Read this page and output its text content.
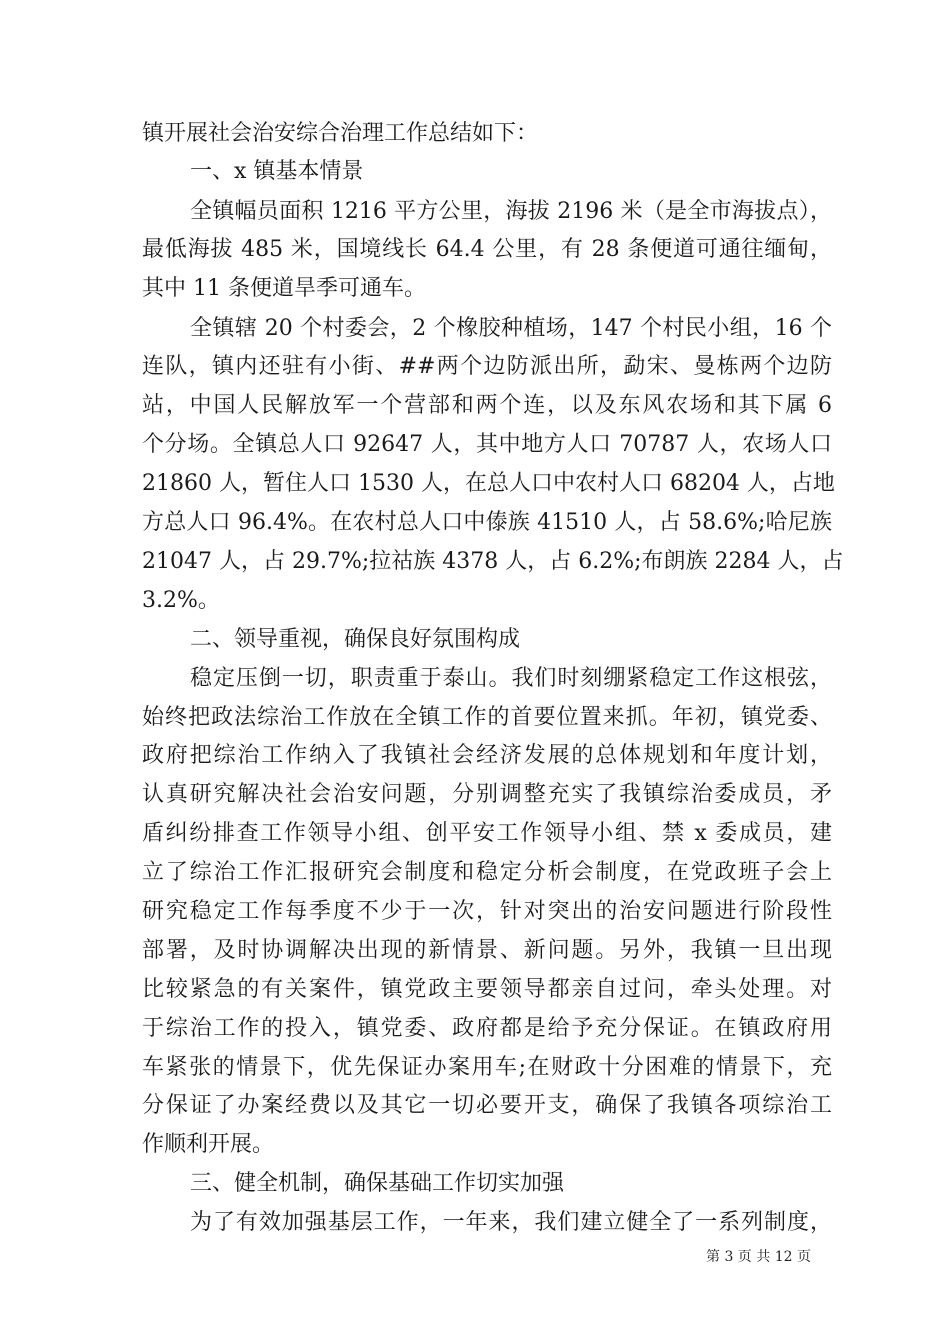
镇开展社会治安综合治理工作总结如下：
一、x 镇基本情景
全镇幅员面积 1216 平方公里，海拔 2196 米（是全市海拔点），
最低海拔 485 米，国境线长 64.4 公里，有 28 条便道可通往缅甸，
其中 11 条便道旱季可通车。
全镇辖 20 个村委会，2 个橡胶种植场，147 个村民小组，16 个
连队，镇内还驻有小街、##两个边防派出所，勐宋、曼栋两个边防
站，中国人民解放军一个营部和两个连，以及东风农场和其下属 6
个分场。全镇总人口 92647 人，其中地方人口 70787 人，农场人口
21860 人，暂住人口 1530 人，在总人口中农村人口 68204 人，占地
方总人口 96.4%。在农村总人口中傣族 41510 人，占 58.6%;哈尼族
21047 人，占 29.7%;拉祜族 4378 人，占 6.2%;布朗族 2284 人，占
3.2%。
二、领导重视，确保良好氛围构成
稳定压倒一切，职责重于泰山。我们时刻绷紧稳定工作这根弦，
始终把政法综治工作放在全镇工作的首要位置来抓。年初，镇党委、
政府把综治工作纳入了我镇社会经济发展的总体规划和年度计划，
认真研究解决社会治安问题，分别调整充实了我镇综治委成员，矛
盾纠纷排查工作领导小组、创平安工作领导小组、禁 x 委成员，建
立了综治工作汇报研究会制度和稳定分析会制度，在党政班子会上
研究稳定工作每季度不少于一次，针对突出的治安问题进行阶段性
部署，及时协调解决出现的新情景、新问题。另外，我镇一旦出现
比较紧急的有关案件，镇党政主要领导都亲自过问，牵头处理。对
于综治工作的投入，镇党委、政府都是给予充分保证。在镇政府用
车紧张的情景下，优先保证办案用车;在财政十分困难的情景下，充
分保证了办案经费以及其它一切必要开支，确保了我镇各项综治工
作顺利开展。
三、健全机制，确保基础工作切实加强
为了有效加强基层工作，一年来，我们建立健全了一系列制度，
第 3 页 共 12 页
